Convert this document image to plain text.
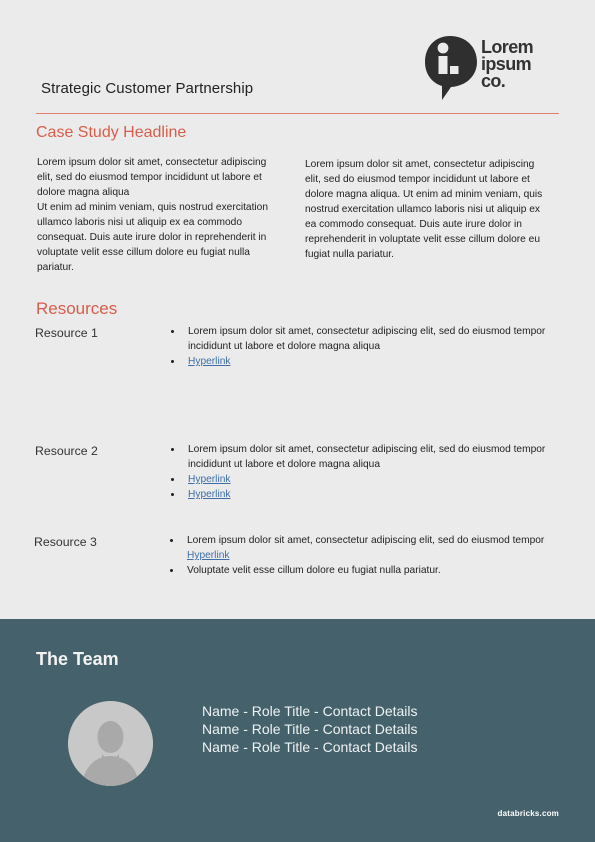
Strategic Customer Partnership
Lorem
ipsum
co.
Case Study Headline

Lorem ipsum dolor sit amet, consectetur adipiscing elit, sed do eiusmod tempor incididunt ut labore et dolore magna aliqua

Ut enim ad minim veniam, quis nostrud exercitation ullamco laboris nisi ut aliquip ex ea commodo consequat. Duis aute irure dolor in reprehenderit in voluptate velit esse cillum dolore eu fugiat nulla pariatur.

Lorem ipsum dolor sit amet, consectetur adipiscing elit, sed do eiusmod tempor incididunt ut labore et dolore magna aliqua. Ut enim ad minim veniam, quis nostrud exercitation ullamco laboris nisi ut aliquip ex ea commodo consequat. Duis aute irure dolor in reprehenderit in voluptate velit esse cillum dolore eu fugiat nulla pariatur.

Resources
Resource 1	Lorem ipsum dolor sit amet, consectetur adipiscing elit, sed do eiusmod tempor incididunt ut labore et dolore magna aliqua
Hyperlink
Resource 2	Lorem ipsum dolor sit amet, consectetur adipiscing elit, sed do eiusmod tempor incididunt ut labore et dolore magna aliqua
Hyperlink
Hyperlink
Resource 3	Lorem ipsum dolor sit amet, consectetur adipiscing elit, sed do eiusmod tempor
Hyperlink
Voluptate velit esse cillum dolore eu fugiat nulla pariatur.
The Team
Name - Role Title - Contact Details
Name - Role Title - Contact Details
Name - Role Title - Contact Details
databricks.com
